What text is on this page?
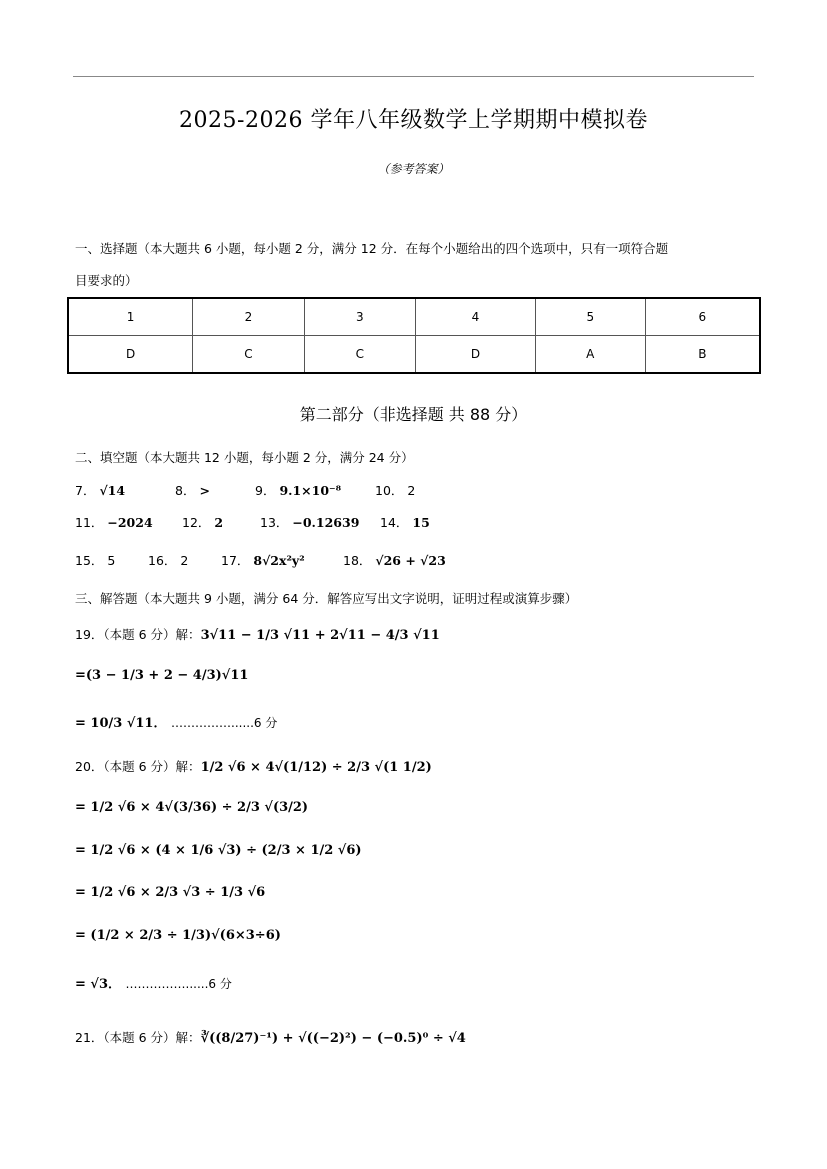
2025-2026 学年八年级数学上学期期中模拟卷
（参考答案）
一、选择题（本大题共 6 小题，每小题 2 分，满分 12 分．在每个小题给出的四个选项中，只有一项符合题
目要求的）
1	2	3	4	5	6
D	C	C	D	A	B
第二部分（非选择题 共 88 分）
二、填空题（本大题共 12 小题，每小题 2 分，满分 24 分）
7． √14	8． >	9． 9.1×10⁻⁸	10． 2
11． −2024 12． 2	13． −0.12639 14． 15
15． 5	16． 2	17． 8√2x²y²	18． √26 + √23
三、解答题（本大题共 9 小题，满分 64 分．解答应写出文字说明，证明过程或演算步骤）
19．（本题 6 分）解：3√11 − 1/3 √11 + 2√11 − 4/3 √11
=(3 − 1/3 + 2 − 4/3)√11
= 10/3 √11． ……………......6 分
20．（本题 6 分）解：1/2 √6 × 4√(1/12) ÷ 2/3 √(1 1/2)
= 1/2 √6 × 4√(3/36) ÷ 2/3 √(3/2)
= 1/2 √6 × (4 × 1/6 √3) ÷ (2/3 × 1/2 √6)
= 1/2 √6 × 2/3 √3 ÷ 1/3 √6
= (1/2 × 2/3 ÷ 1/3)√(6×3÷6)
= √3． ……………......6 分
21．（本题 6 分）解：∛((8/27)⁻¹) + √((−2)²) − (−0.5)⁰ ÷ √4
